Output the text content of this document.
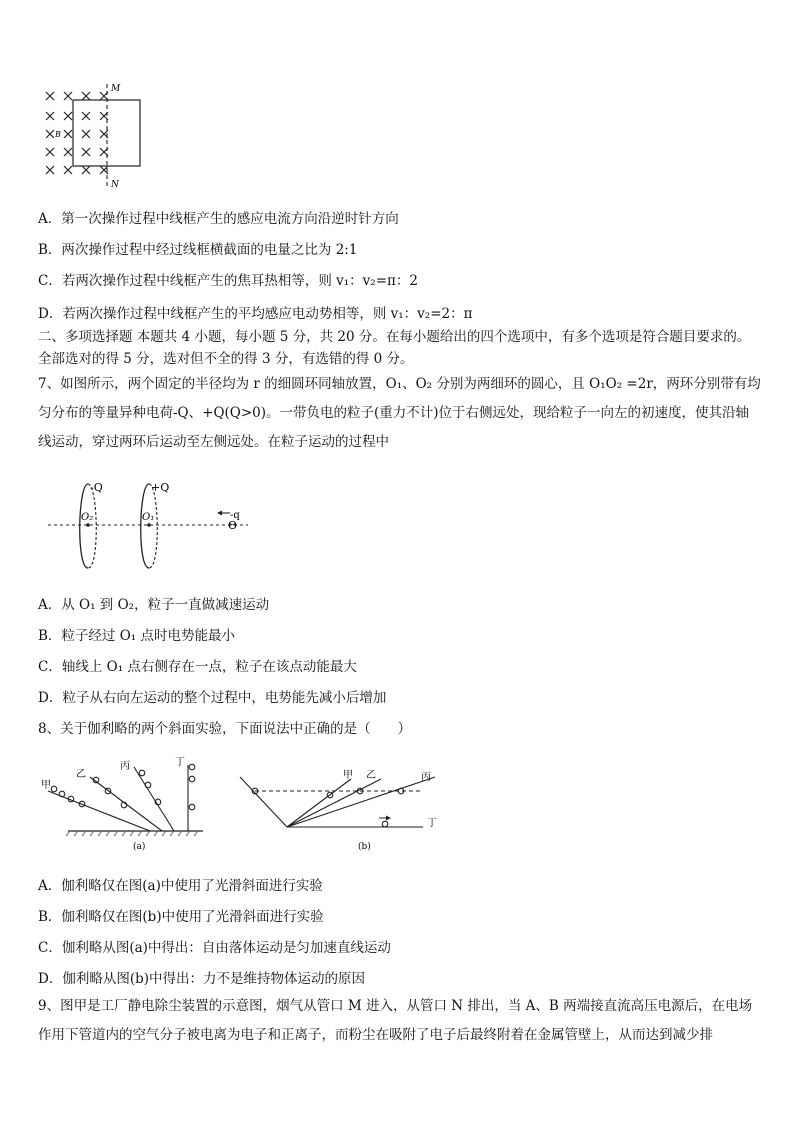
M
N
B
A．第一次操作过程中线框产生的感应电流方向沿逆时针方向
B．两次操作过程中经过线框横截面的电量之比为 2:1
C．若两次操作过程中线框产生的焦耳热相等，则 v₁：v₂=π：2
D．若两次操作过程中线框产生的平均感应电动势相等，则 v₁：v₂=2：π
二、多项选择题 本题共 4 小题，每小题 5 分，共 20 分。在每小题给出的四个选项中，有多个选项是符合题目要求的。全部选对的得 5 分，选对但不全的得 3 分，有选错的得 0 分。
7、如图所示，两个固定的半径均为 r 的细圆环同轴放置，O₁、O₂ 分别为两细环的圆心，且 O₁O₂ =2r，两环分别带有均匀分布的等量异种电荷-Q、+Q(Q>0)。一带负电的粒子(重力不计)位于右侧远处，现给粒子一向左的初速度，使其沿轴线运动，穿过两环后运动至左侧远处。在粒子运动的过程中
-Q	+Q
O₂	O₁	-q
Θ
A．从 O₁ 到 O₂，粒子一直做减速运动
B．粒子经过 O₁ 点时电势能最小
C．轴线上 O₁ 点右侧存在一点，粒子在该点动能最大
D．粒子从右向左运动的整个过程中，电势能先减小后增加
8、关于伽利略的两个斜面实验，下面说法中正确的是（　　）
甲
乙
丙	丁
(a)
甲 乙	丙
丁
(b)
A．伽利略仅在图(a)中使用了光滑斜面进行实验
B．伽利略仅在图(b)中使用了光滑斜面进行实验
C．伽利略从图(a)中得出：自由落体运动是匀加速直线运动
D．伽利略从图(b)中得出：力不是维持物体运动的原因
9、图甲是工厂静电除尘装置的示意图，烟气从管口 M 进入，从管口 N 排出，当 A、B 两端接直流高压电源后，在电场作用下管道内的空气分子被电离为电子和正离子，而粉尘在吸附了电子后最终附着在金属管壁上，从而达到减少排
